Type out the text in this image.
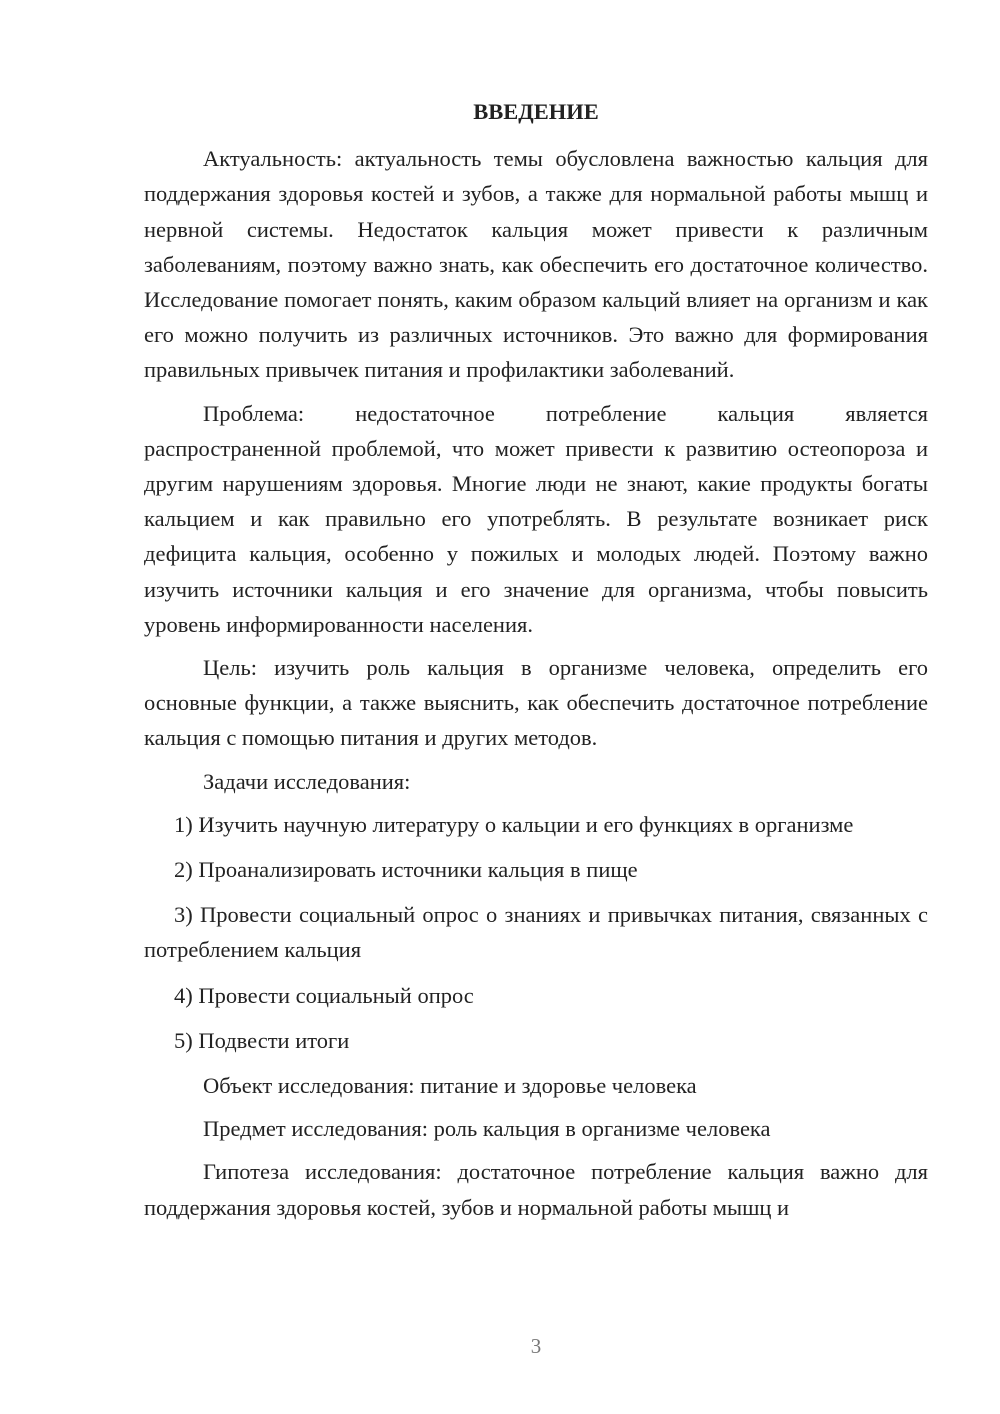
ВВЕДЕНИЕ

Актуальность: актуальность темы обусловлена важностью кальция для поддержания здоровья костей и зубов, а также для нормальной работы мышц и нервной системы. Недостаток кальция может привести к различным заболеваниям, поэтому важно знать, как обеспечить его достаточное количество. Исследование помогает понять, каким образом кальций влияет на организм и как его можно получить из различных источников. Это важно для формирования правильных привычек питания и профилактики заболеваний.

Проблема: недостаточное потребление кальция является распространенной проблемой, что может привести к развитию остеопороза и другим нарушениям здоровья. Многие люди не знают, какие продукты богаты кальцием и как правильно его употреблять. В результате возникает риск дефицита кальция, особенно у пожилых и молодых людей. Поэтому важно изучить источники кальция и его значение для организма, чтобы повысить уровень информированности населения.

Цель: изучить роль кальция в организме человека, определить его основные функции, а также выяснить, как обеспечить достаточное потребление кальция с помощью питания и других методов.

Задачи исследования:

1) Изучить научную литературу о кальции и его функциях в организме

2) Проанализировать источники кальция в пище

3) Провести социальный опрос о знаниях и привычках питания, связанных с потреблением кальция

4) Провести социальный опрос

5) Подвести итоги

Объект исследования: питание и здоровье человека

Предмет исследования: роль кальция в организме человека

Гипотеза исследования: достаточное потребление кальция важно для поддержания здоровья костей, зубов и нормальной работы мышц и

3
